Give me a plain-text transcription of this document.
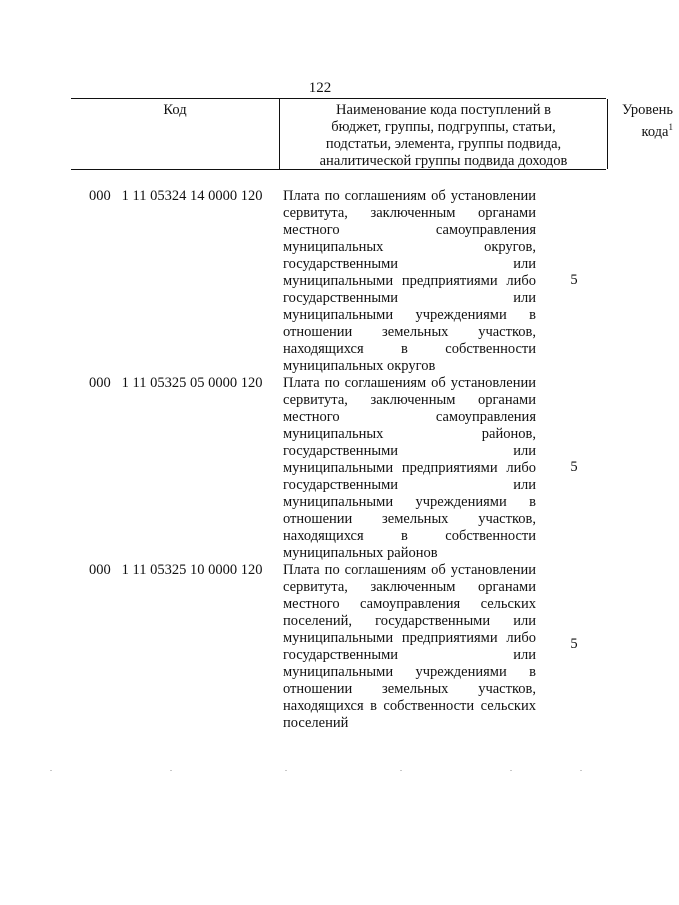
122
Код	Наименование кода поступлений в
бюджет, группы, подгруппы, статьи,
подстатьи, элемента, группы подвида,
аналитической группы подвида доходов
Уровень
кода$^1$
000   1 11 05324 14 0000 120 Плата по соглашениям об установлении
сервитута, заключенным органами
местного самоуправления
муниципальных округов,
государственными или
муниципальными предприятиями либо
государственными или
муниципальными учреждениями в
отношении земельных участков,
находящихся в собственности
муниципальных округов
5
000   1 11 05325 05 0000 120 Плата по соглашениям об установлении
сервитута, заключенным органами
местного самоуправления
муниципальных районов,
государственными или
муниципальными предприятиями либо
государственными или
муниципальными учреждениями в
отношении земельных участков,
находящихся в собственности
муниципальных районов
5
000   1 11 05325 10 0000 120 Плата по соглашениям об установлении
сервитута, заключенным органами
местного самоуправления сельских
поселений, государственными или
муниципальными предприятиями либо
государственными или
муниципальными учреждениями в
отношении земельных участков,
находящихся в собственности сельских
поселений
5
